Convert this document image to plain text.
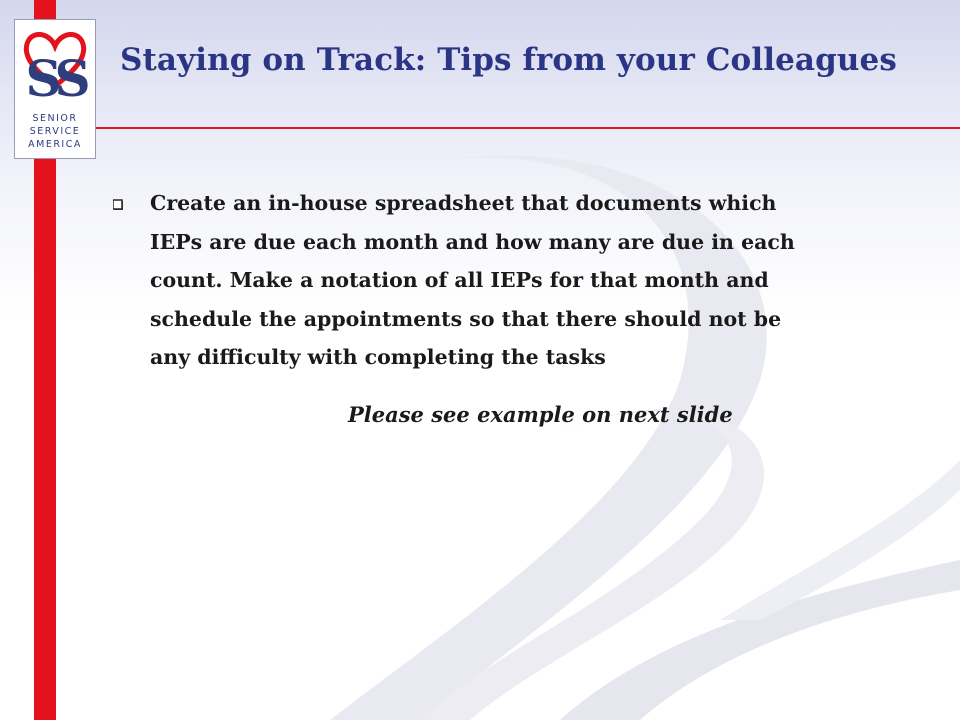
SS
SENIOR
SERVICE
AMERICA
Staying on Track: Tips from your Colleagues

Create an in-house spreadsheet that documents which
IEPs are due each month and how many are due in each
count. Make a notation of all IEPs for that month and
schedule the appointments so that there should not be
any difficulty with completing the tasks

Please see example on next slide
